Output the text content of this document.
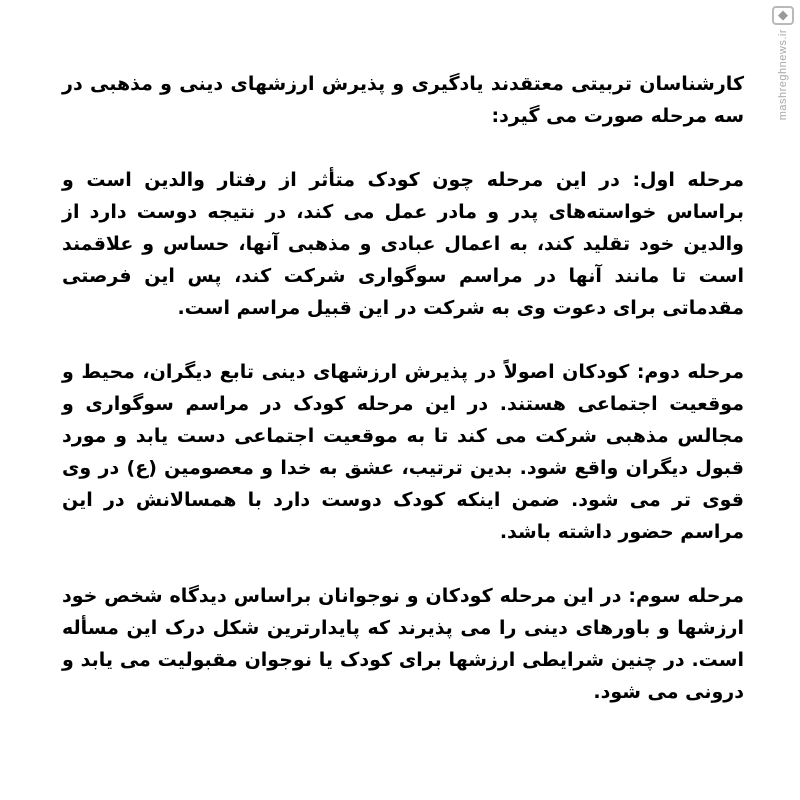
◆
mashreghnews.ir

کارشناسان تربیتی معتقدند یادگیری و پذیرش ارزشهای دینی و مذهبی در سه مرحله صورت می گیرد:

مرحله اول: در این مرحله چون کودک متأثر از رفتار والدین است و براساس خواسته‌های پدر و مادر عمل می کند، در نتیجه دوست دارد از والدین خود تقلید کند، به اعمال عبادی و مذهبی آنها، حساس و علاقمند است تا مانند آنها در مراسم سوگواری شرکت کند، پس این فرصتی مقدماتی برای دعوت وی به شرکت در این قبیل مراسم است.

مرحله دوم: کودکان اصولاً در پذیرش ارزشهای دینی تابع دیگران، محیط و موقعیت اجتماعی هستند. در این مرحله کودک در مراسم سوگواری و مجالس مذهبی شرکت می کند تا به موقعیت اجتماعی دست یابد و مورد قبول دیگران واقع شود. بدین ترتیب، عشق به خدا و معصومین (ع) در وی قوی تر می شود. ضمن اینکه کودک دوست دارد با همسالانش در این مراسم حضور داشته باشد.

مرحله سوم: در این مرحله کودکان و نوجوانان براساس دیدگاه شخص خود ارزشها و باورهای دینی را می پذیرند که پایدارترین شکل درک این مسأله است. در چنین شرایطی ارزشها برای کودک یا نوجوان مقبولیت می یابد و درونی می شود.
